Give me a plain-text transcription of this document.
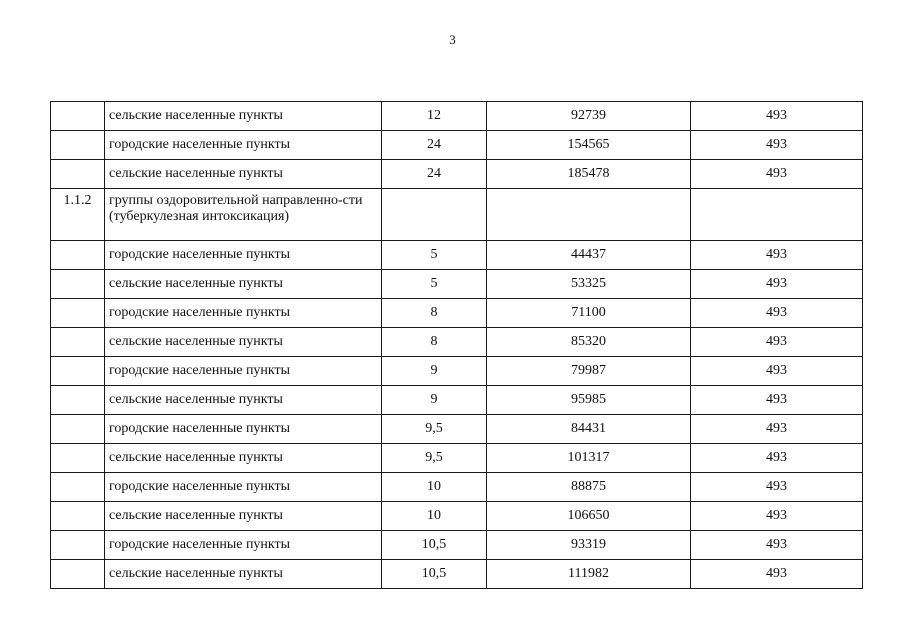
3
	сельские населенные пункты	12	92739	493
	городские населенные пункты	24	154565	493
	сельские населенные пункты	24	185478	493
1.1.2	группы оздоровительной направленно-сти (туберкулезная интоксикация)			
	городские населенные пункты	5	44437	493
	сельские населенные пункты	5	53325	493
	городские населенные пункты	8	71100	493
	сельские населенные пункты	8	85320	493
	городские населенные пункты	9	79987	493
	сельские населенные пункты	9	95985	493
	городские населенные пункты	9,5	84431	493
	сельские населенные пункты	9,5	101317	493
	городские населенные пункты	10	88875	493
	сельские населенные пункты	10	106650	493
	городские населенные пункты	10,5	93319	493
	сельские населенные пункты	10,5	111982	493
